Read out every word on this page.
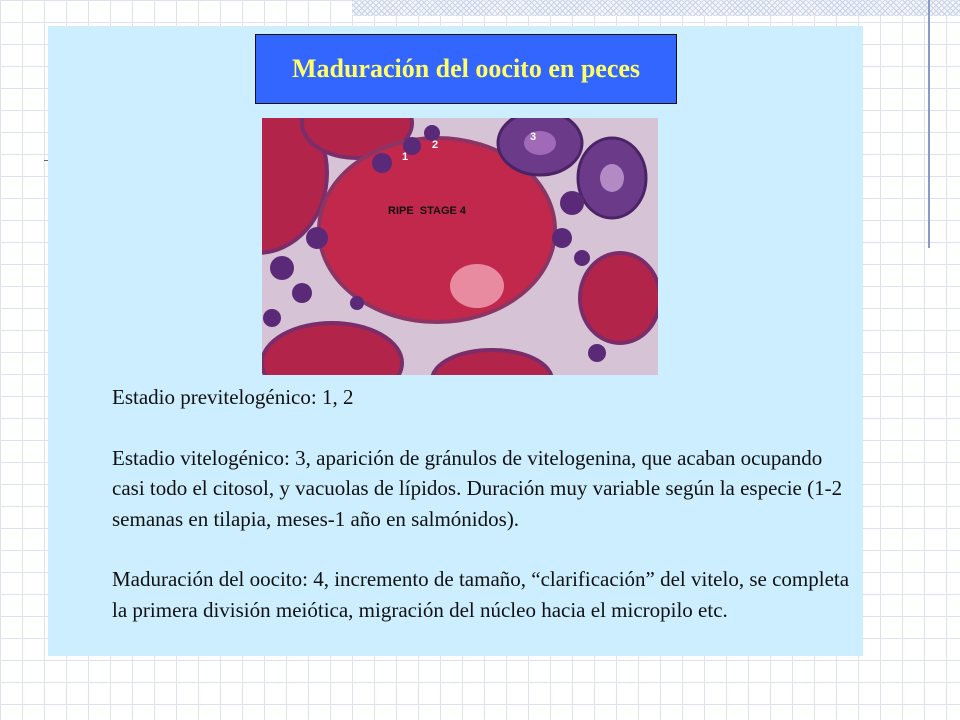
Maduración del oocito en peces
1
2
3
RIPE  STAGE 4

Estadio previtelogénico: 1, 2

Estadio vitelogénico: 3, aparición de gránulos de vitelogenina, que acaban ocupando casi todo el citosol, y vacuolas de lípidos. Duración muy variable según la especie (1-2 semanas en tilapia, meses-1 año en salmónidos).

Maduración del oocito: 4, incremento de tamaño, “clarificación” del vitelo, se completa la primera división meiótica, migración del núcleo hacia el micropilo etc.
